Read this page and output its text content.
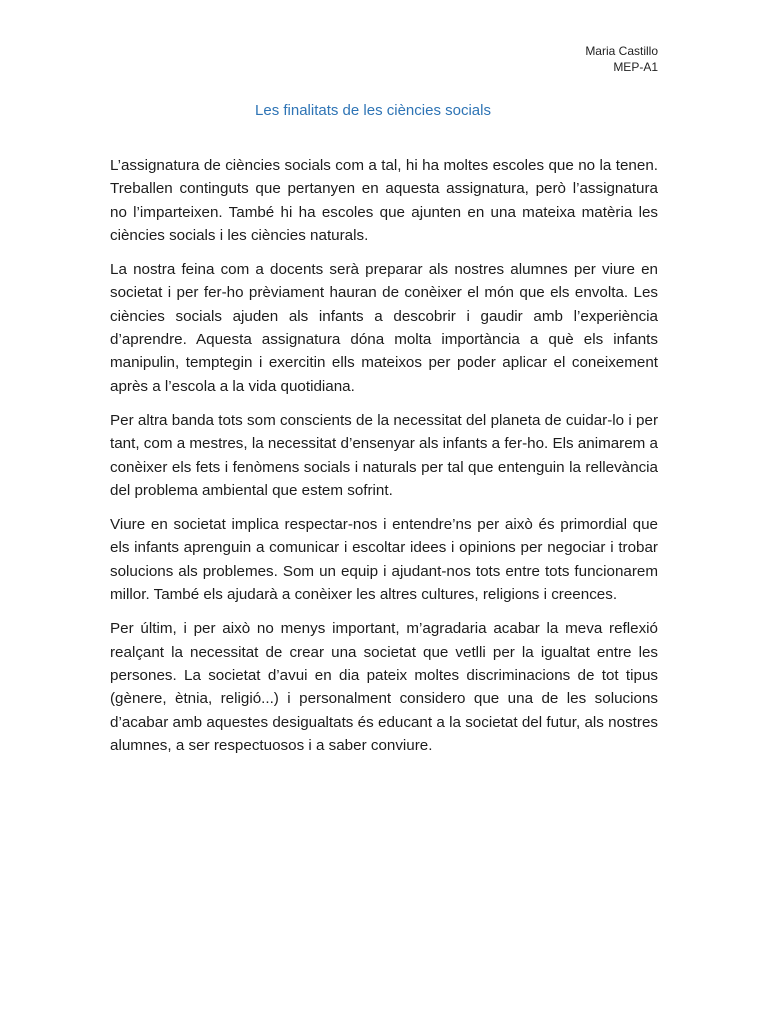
Maria Castillo
MEP-A1
Les finalitats de les ciències socials

L’assignatura de ciències socials com a tal, hi ha moltes escoles que no la tenen. Treballen continguts que pertanyen en aquesta assignatura, però l’assignatura no l’imparteixen. També hi ha escoles que ajunten en una mateixa matèria les ciències socials i les ciències naturals.

La nostra feina com a docents serà preparar als nostres alumnes per viure en societat i per fer-ho prèviament hauran de conèixer el món que els envolta. Les ciències socials ajuden als infants a descobrir i gaudir amb l’experiència d’aprendre. Aquesta assignatura dóna molta importància a què els infants manipulin, temptegin i exercitin ells mateixos per poder aplicar el coneixement après a l’escola a la vida quotidiana.

Per altra banda tots som conscients de la necessitat del planeta de cuidar-lo i per tant, com a mestres, la necessitat d’ensenyar als infants a fer-ho. Els animarem a conèixer els fets i fenòmens socials i naturals per tal que entenguin la rellevància del problema ambiental que estem sofrint.

Viure en societat implica respectar-nos i entendre’ns per això és primordial que els infants aprenguin a comunicar i escoltar idees i opinions per negociar i trobar solucions als problemes. Som un equip i ajudant-nos tots entre tots funcionarem millor. També els ajudarà a conèixer les altres cultures, religions i creences.

Per últim, i per això no menys important, m’agradaria acabar la meva reflexió realçant la necessitat de crear una societat que vetlli per la igualtat entre les persones. La societat d’avui en dia pateix moltes discriminacions de tot tipus (gènere, ètnia, religió...) i personalment considero que una de les solucions d’acabar amb aquestes desigualtats és educant a la societat del futur, als nostres alumnes, a ser respectuosos i a saber conviure.
